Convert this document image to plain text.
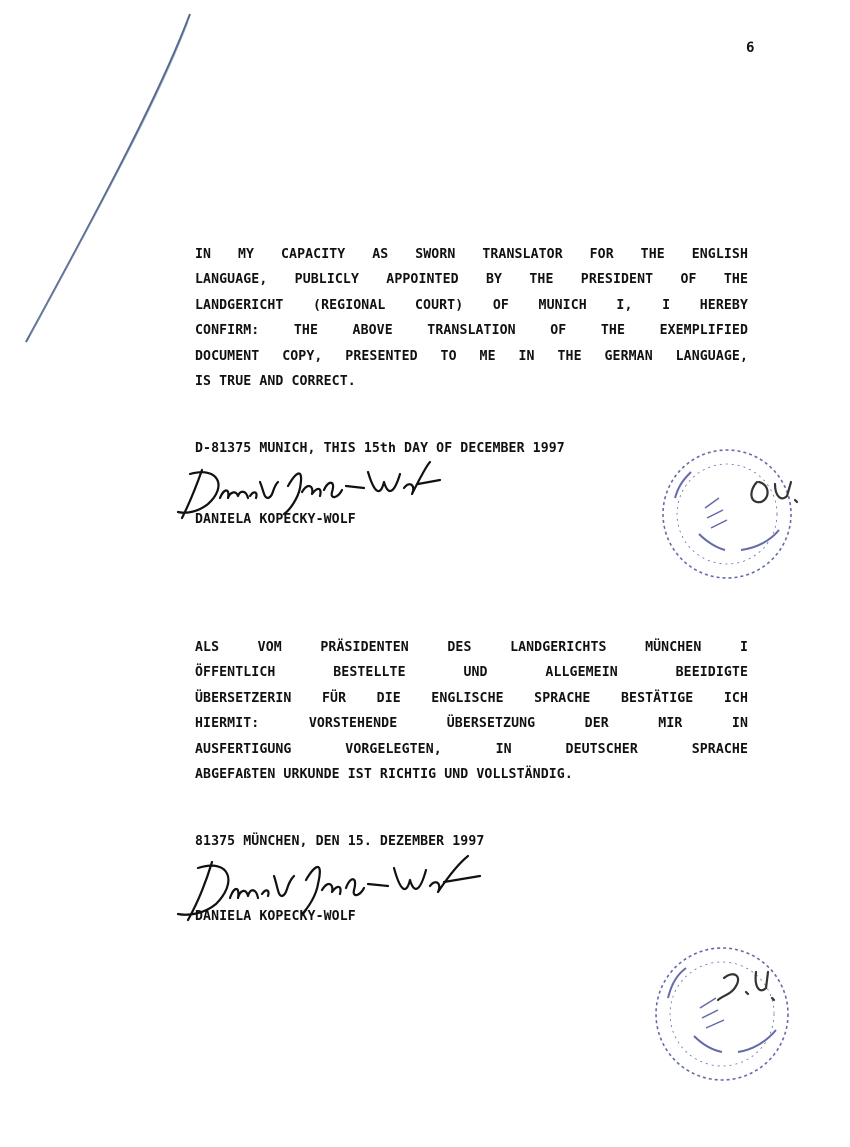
6
IN MY CAPACITY AS SWORN TRANSLATOR FOR THE ENGLISH
LANGUAGE, PUBLICLY APPOINTED BY THE PRESIDENT OF THE
LANDGERICHT (REGIONAL COURT) OF MUNICH I, I HEREBY
CONFIRM: THE ABOVE TRANSLATION OF THE EXEMPLIFIED
DOCUMENT COPY, PRESENTED TO ME IN THE GERMAN LANGUAGE,
IS TRUE AND CORRECT.
D-81375 MUNICH, THIS 15th DAY OF DECEMBER 1997
DANIELA KOPECKY-WOLF
ALS VOM PRÄSIDENTEN DES LANDGERICHTS MÜNCHEN I
ÖFFENTLICH BESTELLTE UND ALLGEMEIN BEEIDIGTE
ÜBERSETZERIN FÜR DIE ENGLISCHE SPRACHE BESTÄTIGE ICH
HIERMIT: VORSTEHENDE ÜBERSETZUNG DER MIR IN
AUSFERTIGUNG VORGELEGTEN, IN DEUTSCHER SPRACHE
ABGEFAßTEN URKUNDE IST RICHTIG UND VOLLSTÄNDIG.
81375 MÜNCHEN, DEN 15. DEZEMBER 1997
DANIELA KOPECKY-WOLF
